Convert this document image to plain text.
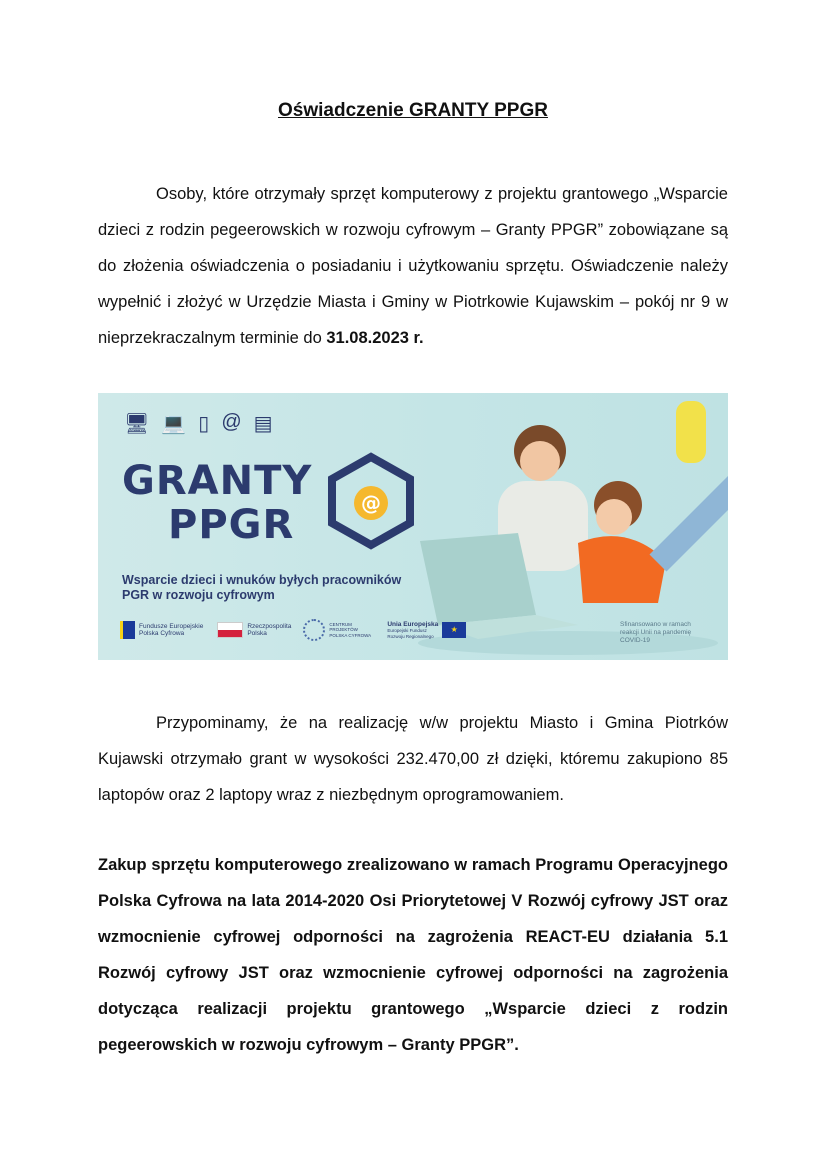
Oświadczenie GRANTY PPGR
Osoby, które otrzymały sprzęt komputerowy z projektu grantowego „Wsparcie dzieci z rodzin pegeerowskich w rozwoju cyfrowym – Granty PPGR” zobowiązane są do złożenia oświadczenia o posiadaniu i użytkowaniu sprzętu. Oświadczenie należy wypełnić i złożyć w Urzędzie Miasta i Gminy w Piotrkowie Kujawskim – pokój nr 9 w nieprzekraczalnym terminie do 31.08.2023 r.
🖥 💻 ▯ @ ▤
GRANTY
PPGR	@
Wsparcie dzieci i wnuków byłych pracowników PGR w rozwoju cyfrowym
Fundusze Europejskie
Polska Cyfrowa
Rzeczpospolita Polska
CENTRUM PROJEKTÓW POLSKA CYFROWA
Unia Europejska
Europejski Fundusz Rozwoju Regionalnego
★
Sfinansowano w ramach reakcji Unii na pandemię COVID-19
Przypominamy, że na realizację w/w projektu Miasto i Gmina Piotrków Kujawski otrzymało grant w wysokości 232.470,00 zł dzięki, któremu zakupiono 85 laptopów oraz 2 laptopy wraz z niezbędnym oprogramowaniem.
Zakup sprzętu komputerowego zrealizowano w ramach Programu Operacyjnego Polska Cyfrowa na lata 2014-2020 Osi Priorytetowej V Rozwój cyfrowy JST oraz wzmocnienie cyfrowej odporności na zagrożenia REACT-EU działania 5.1 Rozwój cyfrowy JST oraz wzmocnienie cyfrowej odporności na zagrożenia dotycząca realizacji projektu grantowego „Wsparcie dzieci z rodzin pegeerowskich w rozwoju cyfrowym – Granty PPGR”.
